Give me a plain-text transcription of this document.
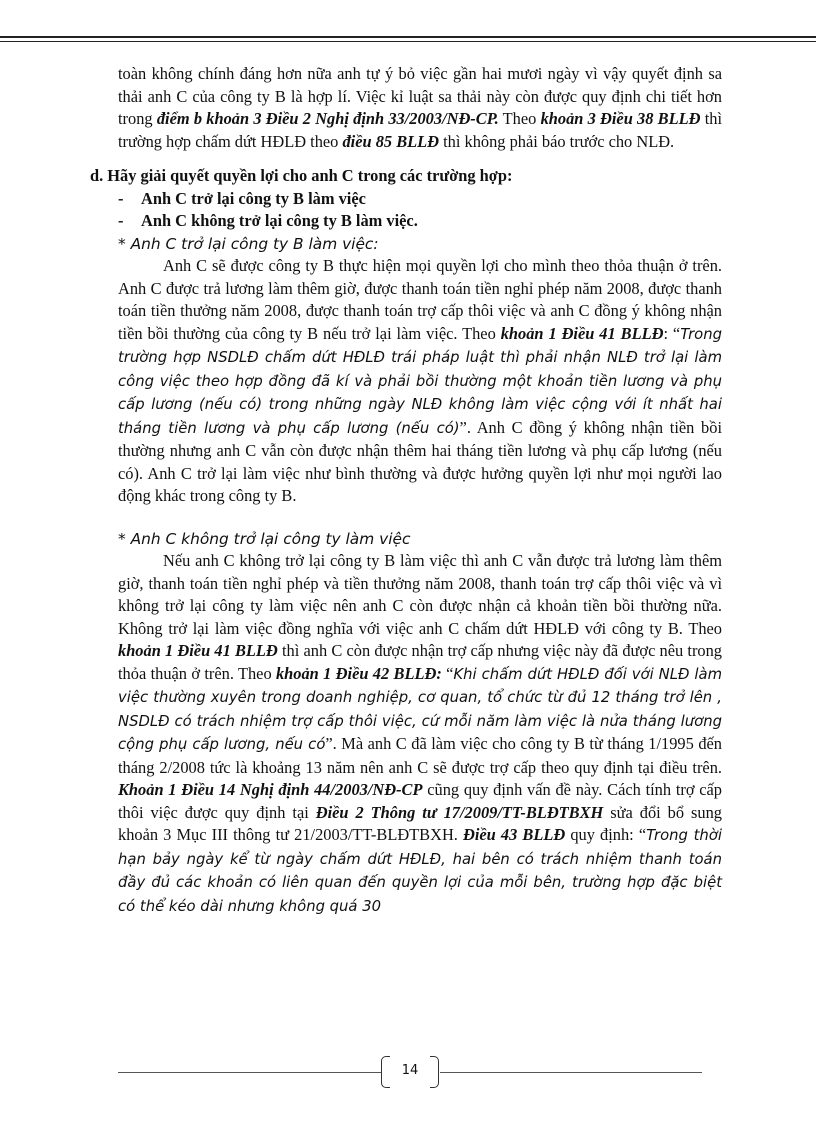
toàn không chính đáng hơn nữa anh tự ý bỏ việc gần hai mươi ngày vì vậy quyết định sa thải anh C của công ty B là hợp lí. Việc kỉ luật sa thải này còn được quy định chi tiết hơn trong điểm b khoản 3 Điều 2 Nghị định 33/2003/NĐ-CP. Theo khoản 3 Điều 38 BLLĐ thì trường hợp chấm dứt HĐLĐ theo điều 85 BLLĐ thì không phải báo trước cho NLĐ.

d. Hãy giải quyết quyền lợi cho anh C trong các trường hợp:

-	Anh C trở lại công ty B làm việc

-	Anh C không trở lại công ty B làm việc.

* Anh C trở lại công ty B làm việc:

Anh C sẽ được công ty B thực hiện mọi quyền lợi cho mình theo thỏa thuận ở trên. Anh C được trả lương làm thêm giờ, được thanh toán tiền nghỉ phép năm 2008, được thanh toán tiền thưởng năm 2008, được thanh toán trợ cấp thôi việc và anh C đồng ý không nhận tiền bồi thường của công ty B nếu trở lại làm việc. Theo khoản 1 Điều 41 BLLĐ: “Trong trường hợp NSDLĐ chấm dứt HĐLĐ trái pháp luật thì phải nhận NLĐ trở lại làm công việc theo hợp đồng đã kí và phải bồi thường một khoản tiền lương và phụ cấp lương (nếu có) trong những ngày NLĐ không làm việc cộng với ít nhất hai tháng tiền lương và phụ cấp lương (nếu có)”. Anh C đồng ý không nhận tiền bồi thường nhưng anh C vẫn còn được nhận thêm hai tháng tiền lương và phụ cấp lương (nếu có). Anh C trở lại làm việc như bình thường và được hưởng quyền lợi như mọi người lao động khác trong công ty B.

* Anh C không trở lại công ty làm việc

Nếu anh C không trở lại công ty B làm việc thì anh C vẫn được trả lương làm thêm giờ, thanh toán tiền nghỉ phép và tiền thưởng năm 2008, thanh toán trợ cấp thôi việc và vì không trở lại công ty làm việc nên anh C còn được nhận cả khoản tiền bồi thường nữa. Không trở lại làm việc đồng nghĩa với việc anh C chấm dứt HĐLĐ với công ty B. Theo khoản 1 Điều 41 BLLĐ thì anh C còn được nhận trợ cấp nhưng việc này đã được nêu trong thỏa thuận ở trên. Theo khoản 1 Điều 42 BLLĐ: “Khi chấm dứt HĐLĐ đối với NLĐ làm việc thường xuyên trong doanh nghiệp, cơ quan, tổ chức từ đủ 12 tháng trở lên , NSDLĐ có trách nhiệm trợ cấp thôi việc, cứ mỗi năm làm việc là nửa tháng lương cộng phụ cấp lương, nếu có”. Mà anh C đã làm việc cho công ty B từ tháng 1/1995 đến tháng 2/2008 tức là khoảng 13 năm nên anh C sẽ được trợ cấp theo quy định tại điều trên. Khoản 1 Điều 14 Nghị định 44/2003/NĐ-CP cũng quy định vấn đề này. Cách tính trợ cấp thôi việc được quy định tại Điều 2 Thông tư 17/2009/TT-BLĐTBXH sửa đổi bổ sung khoản 3 Mục III thông tư 21/2003/TT-BLĐTBXH. Điều 43 BLLĐ quy định: “Trong thời hạn bảy ngày kể từ ngày chấm dứt HĐLĐ, hai bên có trách nhiệm thanh toán đầy đủ các khoản có liên quan đến quyền lợi của mỗi bên, trường hợp đặc biệt có thể kéo dài nhưng không quá 30

14
